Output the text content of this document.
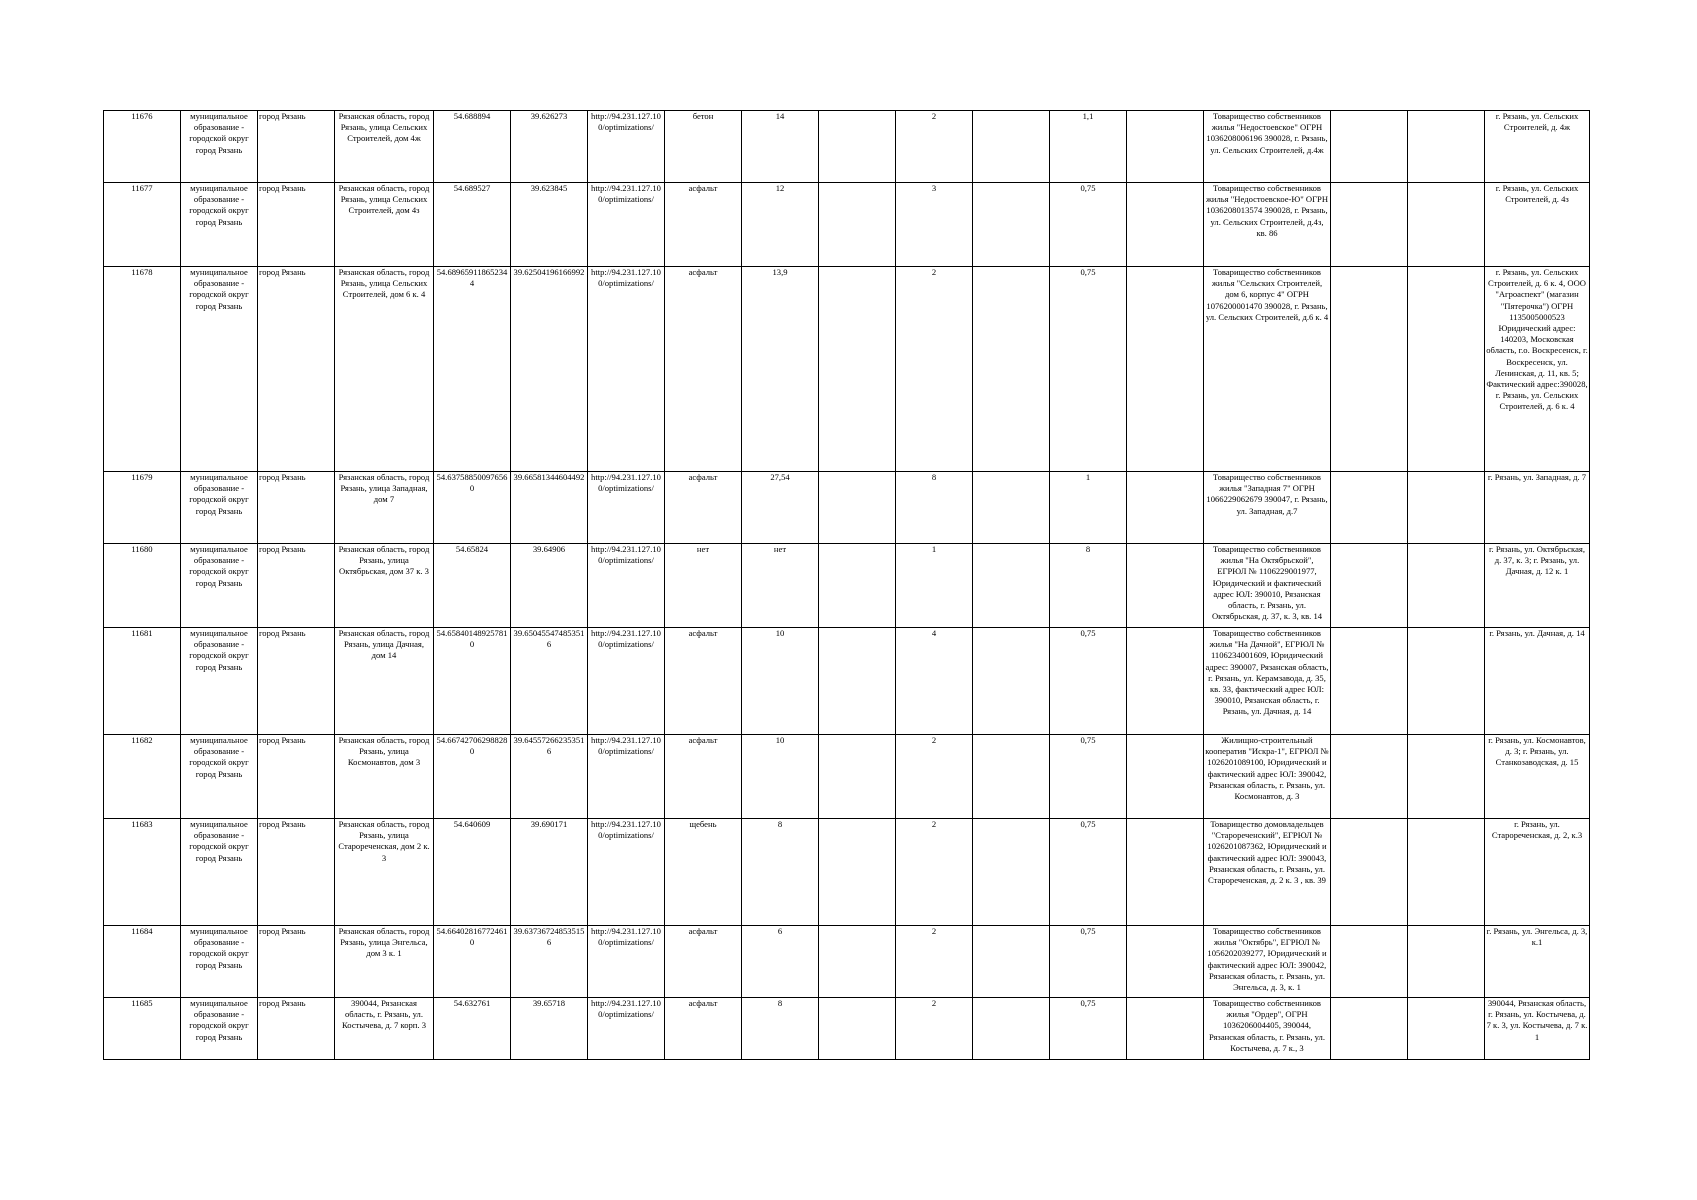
11676	муниципальное образование - городской округ город Рязань	город Рязань	Рязанская область, город Рязань, улица Сельских Строителей, дом 4ж	54.688894	39.626273	http://94.231.127.100/optimizations/	бетон	14		2		1,1		Товарищество собственников жилья "Недостоевское" ОГРН 1036208006196 390028, г. Рязань, ул. Сельских Строителей, д.4ж			г. Рязань, ул. Сельских Строителей, д. 4ж
11677	муниципальное образование - городской округ город Рязань	город Рязань	Рязанская область, город Рязань, улица Сельских Строителей, дом 4з	54.689527	39.623845	http://94.231.127.100/optimizations/	асфальт	12		3		0,75		Товарищество собственников жилья "Недостоевское-Ю" ОГРН 1036208013574 390028, г. Рязань, ул. Сельских Строителей, д.4з, кв. 86			г. Рязань, ул. Сельских Строителей, д. 4з
11678	муниципальное образование - городской округ город Рязань	город Рязань	Рязанская область, город Рязань, улица Сельских Строителей, дом 6 к. 4	54.689659118652344	39.62504196166992	http://94.231.127.100/optimizations/	асфальт	13,9		2		0,75		Товарищество собственников жилья "Сельских Строителей, дом 6, корпус 4" ОГРН 1076200001470 390028, г. Рязань, ул. Сельских Строителей, д.6 к. 4			г. Рязань, ул. Сельских Строителей, д. 6 к. 4, ООО "Агроаспект" (магазин "Пятерочка") ОГРН 1135005000523 Юридический адрес: 140203, Московская область, г.о. Воскресенск, г. Воскресенск, ул. Ленинская, д. 11, кв. 5; Фактический адрес:390028, г. Рязань, ул. Сельских Строителей, д. 6 к. 4
11679	муниципальное образование - городской округ город Рязань	город Рязань	Рязанская область, город Рязань, улица Западная, дом 7	54.637588500976560	39.66581344604492	http://94.231.127.100/optimizations/	асфальт	27,54		8		1		Товарищество собственников жилья "Западная 7" ОГРН 1066229062679 390047, г. Рязань, ул. Западная, д.7			г. Рязань, ул. Западная, д. 7
11680	муниципальное образование - городской округ город Рязань	город Рязань	Рязанская область, город Рязань, улица Октябрьская, дом 37 к. 3	54.65824	39.64906	http://94.231.127.100/optimizations/	нет	нет		1		8		Товарищество собственников жилья "На Октябрьской", ЕГРЮЛ № 1106229001977, Юридический и фактический адрес ЮЛ: 390010, Рязанская область, г. Рязань, ул. Октябрьская, д. 37, к. 3, кв. 14			г. Рязань, ул. Октябрьская, д. 37, к. 3; г. Рязань, ул. Дачная, д. 12 к. 1
11681	муниципальное образование - городской округ город Рязань	город Рязань	Рязанская область, город Рязань, улица Дачная, дом 14	54.658401489257810	39.650455474853516	http://94.231.127.100/optimizations/	асфальт	10		4		0,75		Товарищество собственников жилья "На Дачной", ЕГРЮЛ № 1106234001609, Юридический адрес: 390007, Рязанская область, г. Рязань, ул. Керамзавода, д. 35, кв. 33, фактический адрес ЮЛ: 390010, Рязанская область, г. Рязань, ул. Дачная, д. 14			г. Рязань, ул. Дачная, д. 14
11682	муниципальное образование - городской округ город Рязань	город Рязань	Рязанская область, город Рязань, улица Космонавтов, дом 3	54.667427062988280	39.645572662353516	http://94.231.127.100/optimizations/	асфальт	10		2		0,75		Жилищно-строительный кооператив "Искра-1", ЕГРЮЛ № 1026201089100, Юридический и фактический адрес ЮЛ: 390042, Рязанская область, г. Рязань, ул. Космонавтов, д. 3			г. Рязань, ул. Космонавтов, д. 3; г. Рязань, ул. Станкозаводская, д. 15
11683	муниципальное образование - городской округ город Рязань	город Рязань	Рязанская область, город Рязань, улица Старореченская, дом 2 к. 3	54.640609	39.690171	http://94.231.127.100/optimizations/	щебень	8		2		0,75		Товарищество домовладельцев "Старореченский", ЕГРЮЛ № 1026201087362, Юридический и фактический адрес ЮЛ: 390043, Рязанская область, г. Рязань, ул. Старореченская, д. 2 к. 3 , кв. 39			г. Рязань, ул. Старореченская, д. 2, к.3
11684	муниципальное образование - городской округ город Рязань	город Рязань	Рязанская область, город Рязань, улица Энгельса, дом 3 к. 1	54.664028167724610	39.637367248535156	http://94.231.127.100/optimizations/	асфальт	6		2		0,75		Товарищество собственников жилья "Октябрь", ЕГРЮЛ № 1056202039277, Юридический и фактический адрес ЮЛ: 390042, Рязанская область, г. Рязань, ул. Энгельса, д. 3, к. 1			г. Рязань, ул. Энгельса, д. 3, к.1
11685	муниципальное образование - городской округ город Рязань	город Рязань	390044, Рязанская область, г. Рязань, ул. Костычева, д. 7 корп. 3	54.632761	39.65718	http://94.231.127.100/optimizations/	асфальт	8		2		0,75		Товарищество собственников жилья "Ордер", ОГРН 1036206004405, 390044, Рязанская область, г. Рязань, ул. Костычева, д. 7 к., 3			390044, Рязанская область, г. Рязань, ул. Костычева, д. 7 к. 3, ул. Костычева, д. 7 к. 1
